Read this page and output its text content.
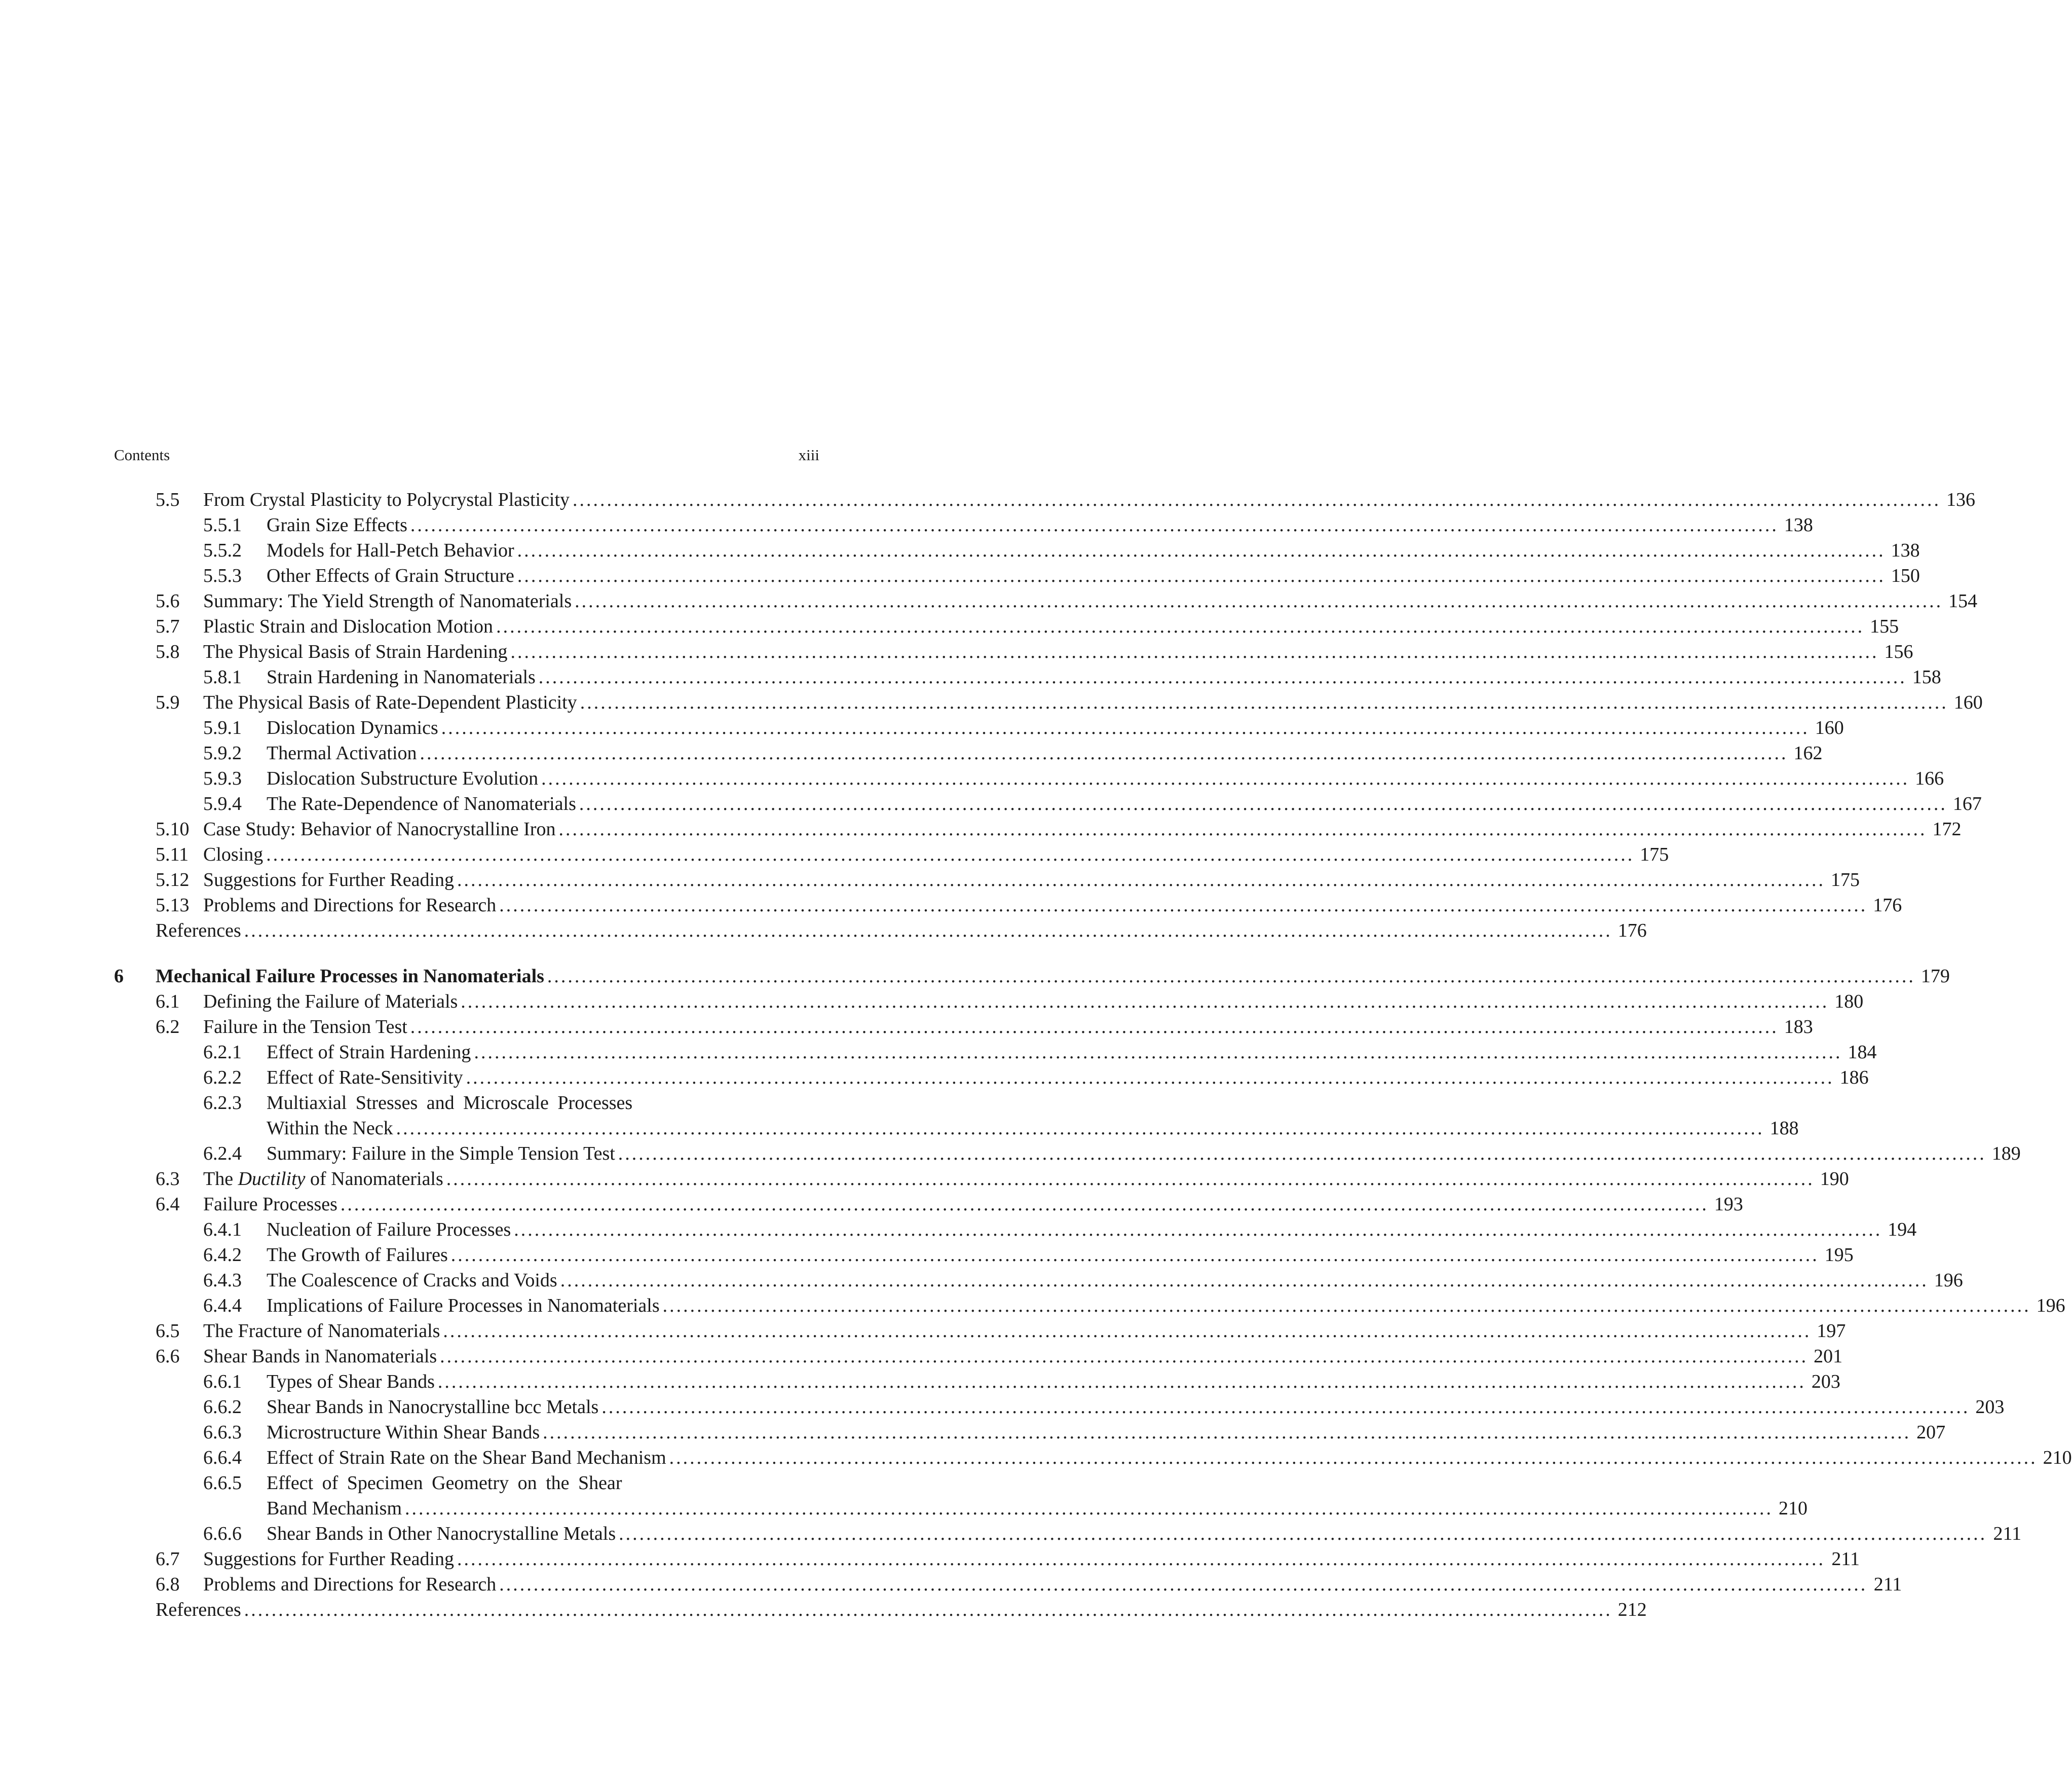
Contents	xiii
5.5 From Crystal Plasticity to Polycrystal Plasticity ........................................................................................................................................................................................................ 136
5.5.1 Grain Size Effects ........................................................................................................................................................................................................ 138
5.5.2 Models for Hall-Petch Behavior ........................................................................................................................................................................................................ 138
5.5.3 Other Effects of Grain Structure ........................................................................................................................................................................................................ 150
5.6 Summary: The Yield Strength of Nanomaterials ........................................................................................................................................................................................................ 154
5.7 Plastic Strain and Dislocation Motion ........................................................................................................................................................................................................ 155
5.8 The Physical Basis of Strain Hardening ........................................................................................................................................................................................................ 156
5.8.1 Strain Hardening in Nanomaterials ........................................................................................................................................................................................................ 158
5.9 The Physical Basis of Rate-Dependent Plasticity ........................................................................................................................................................................................................ 160
5.9.1 Dislocation Dynamics ........................................................................................................................................................................................................ 160
5.9.2 Thermal Activation ........................................................................................................................................................................................................ 162
5.9.3 Dislocation Substructure Evolution ........................................................................................................................................................................................................ 166
5.9.4 The Rate-Dependence of Nanomaterials ........................................................................................................................................................................................................ 167
5.10 Case Study: Behavior of Nanocrystalline Iron ........................................................................................................................................................................................................ 172
5.11 Closing ........................................................................................................................................................................................................ 175
5.12 Suggestions for Further Reading ........................................................................................................................................................................................................ 175
5.13 Problems and Directions for Research ........................................................................................................................................................................................................ 176
References ........................................................................................................................................................................................................ 176
6 Mechanical Failure Processes in Nanomaterials ........................................................................................................................................................................................................ 179
6.1 Defining the Failure of Materials ........................................................................................................................................................................................................ 180
6.2 Failure in the Tension Test ........................................................................................................................................................................................................ 183
6.2.1 Effect of Strain Hardening ........................................................................................................................................................................................................ 184
6.2.2 Effect of Rate-Sensitivity ........................................................................................................................................................................................................ 186
6.2.3 Multiaxial Stresses and Microscale Processes
Within the Neck ........................................................................................................................................................................................................ 188
6.2.4 Summary: Failure in the Simple Tension Test ........................................................................................................................................................................................................ 189
6.3 The Ductility of Nanomaterials ........................................................................................................................................................................................................ 190
6.4 Failure Processes ........................................................................................................................................................................................................ 193
6.4.1 Nucleation of Failure Processes ........................................................................................................................................................................................................ 194
6.4.2 The Growth of Failures ........................................................................................................................................................................................................ 195
6.4.3 The Coalescence of Cracks and Voids ........................................................................................................................................................................................................ 196
6.4.4 Implications of Failure Processes in Nanomaterials ........................................................................................................................................................................................................ 196
6.5 The Fracture of Nanomaterials ........................................................................................................................................................................................................ 197
6.6 Shear Bands in Nanomaterials ........................................................................................................................................................................................................ 201
6.6.1 Types of Shear Bands ........................................................................................................................................................................................................ 203
6.6.2 Shear Bands in Nanocrystalline bcc Metals ........................................................................................................................................................................................................ 203
6.6.3 Microstructure Within Shear Bands ........................................................................................................................................................................................................ 207
6.6.4 Effect of Strain Rate on the Shear Band Mechanism ........................................................................................................................................................................................................ 210
6.6.5 Effect of Specimen Geometry on the Shear
Band Mechanism ........................................................................................................................................................................................................ 210
6.6.6 Shear Bands in Other Nanocrystalline Metals ........................................................................................................................................................................................................ 211
6.7 Suggestions for Further Reading ........................................................................................................................................................................................................ 211
6.8 Problems and Directions for Research ........................................................................................................................................................................................................ 211
References ........................................................................................................................................................................................................ 212
